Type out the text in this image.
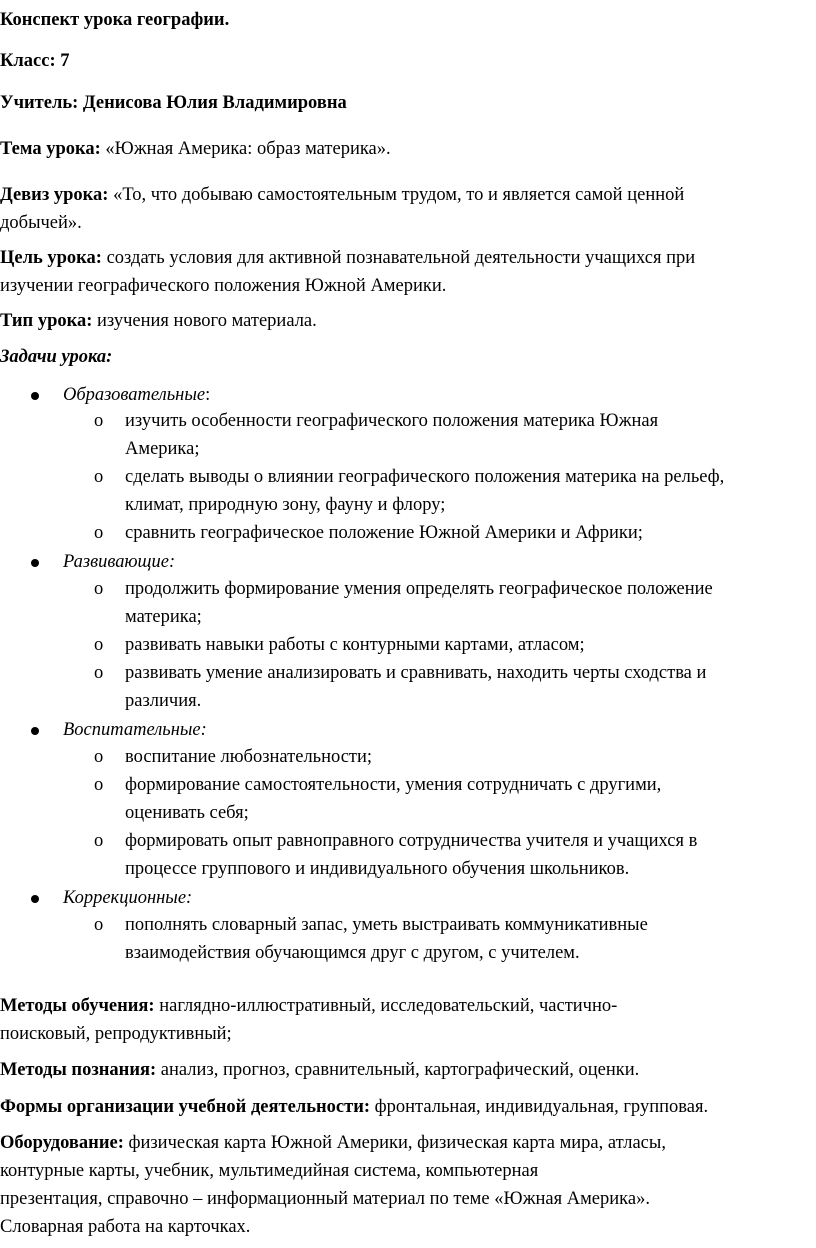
Конспект урока географии.
Класс: 7
Учитель: Денисова Юлия Владимировна
Тема урока: «Южная Америка: образ материка».
Девиз урока: «То, что добываю самостоятельным трудом, то и является самой ценной
добычей».
Цель урока: создать условия для активной познавательной деятельности учащихся при
изучении географического положения Южной Америки.
Тип урока: изучения нового материала.
Задачи урока:
Образовательные:
o изучить особенности географического положения материка Южная
Америка;
o сделать выводы о влиянии географического положения материка на рельеф,
климат, природную зону, фауну и флору;
o сравнить географическое положение Южной Америки и Африки;
Развивающие:
o продолжить формирование умения определять географическое положение
материка;
o развивать навыки работы с контурными картами, атласом;
o развивать умение анализировать и сравнивать, находить черты сходства и
различия.
Воспитательные:
o воспитание любознательности;
o формирование самостоятельности, умения сотрудничать с другими,
оценивать себя;
o формировать опыт равноправного сотрудничества учителя и учащихся в
процессе группового и индивидуального обучения школьников.
Коррекционные:
o пополнять словарный запас, уметь выстраивать коммуникативные
взаимодействия обучающимся друг с другом, с учителем.
Методы обучения: наглядно-иллюстративный, исследовательский, частично-
поисковый, репродуктивный;
Методы познания: анализ, прогноз, сравнительный, картографический, оценки.
Формы организации учебной деятельности: фронтальная, индивидуальная, групповая.
Оборудование: физическая карта Южной Америки, физическая карта мира, атласы,
контурные карты, учебник, мультимедийная система, компьютерная
презентация, справочно – информационный материал по теме «Южная Америка».
Словарная работа на карточках.
